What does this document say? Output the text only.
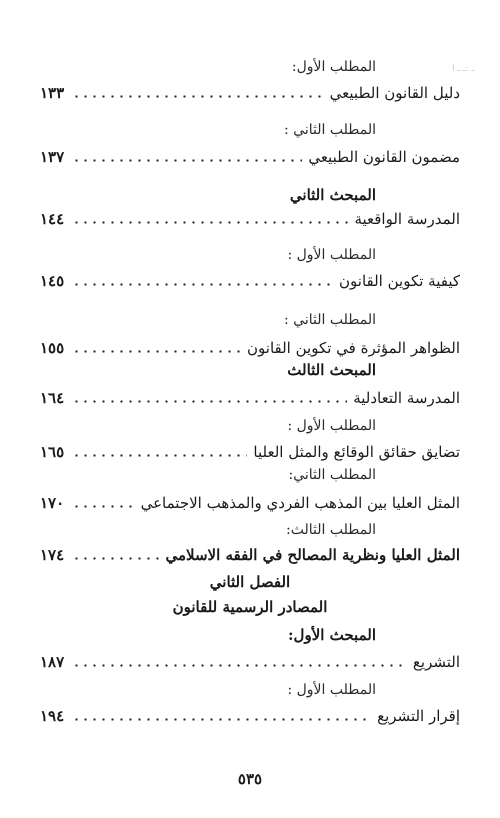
ـ :ـ ـ ا
المطلب الأول:
دليل القانون الطبيعي
١٣٣
المطلب الثاني :
مضمون القانون الطبيعي
١٣٧
المبحث الثاني
المدرسة الواقعية
١٤٤
المطلب الأول :
كيفية تكوين القانون
١٤٥
المطلب الثاني :
الظواهر المؤثرة في تكوين القانون
١٥٥
المبحث الثالث
المدرسة التعادلية
١٦٤
المطلب الأول :
تضايق حقائق الوقائع والمثل العليا
١٦٥
المطلب الثاني:
المثل العليا بين المذهب الفردي والمذهب الاجتماعي
١٧٠
المطلب الثالث:
المثل العليا ونظرية المصالح في الفقه الاسلامي
١٧٤
الفصل الثاني
المصادر الرسمية للقانون
المبحث الأول:
التشريع
١٨٧
المطلب الأول :
إقرار التشريع
١٩٤
٥٣٥
